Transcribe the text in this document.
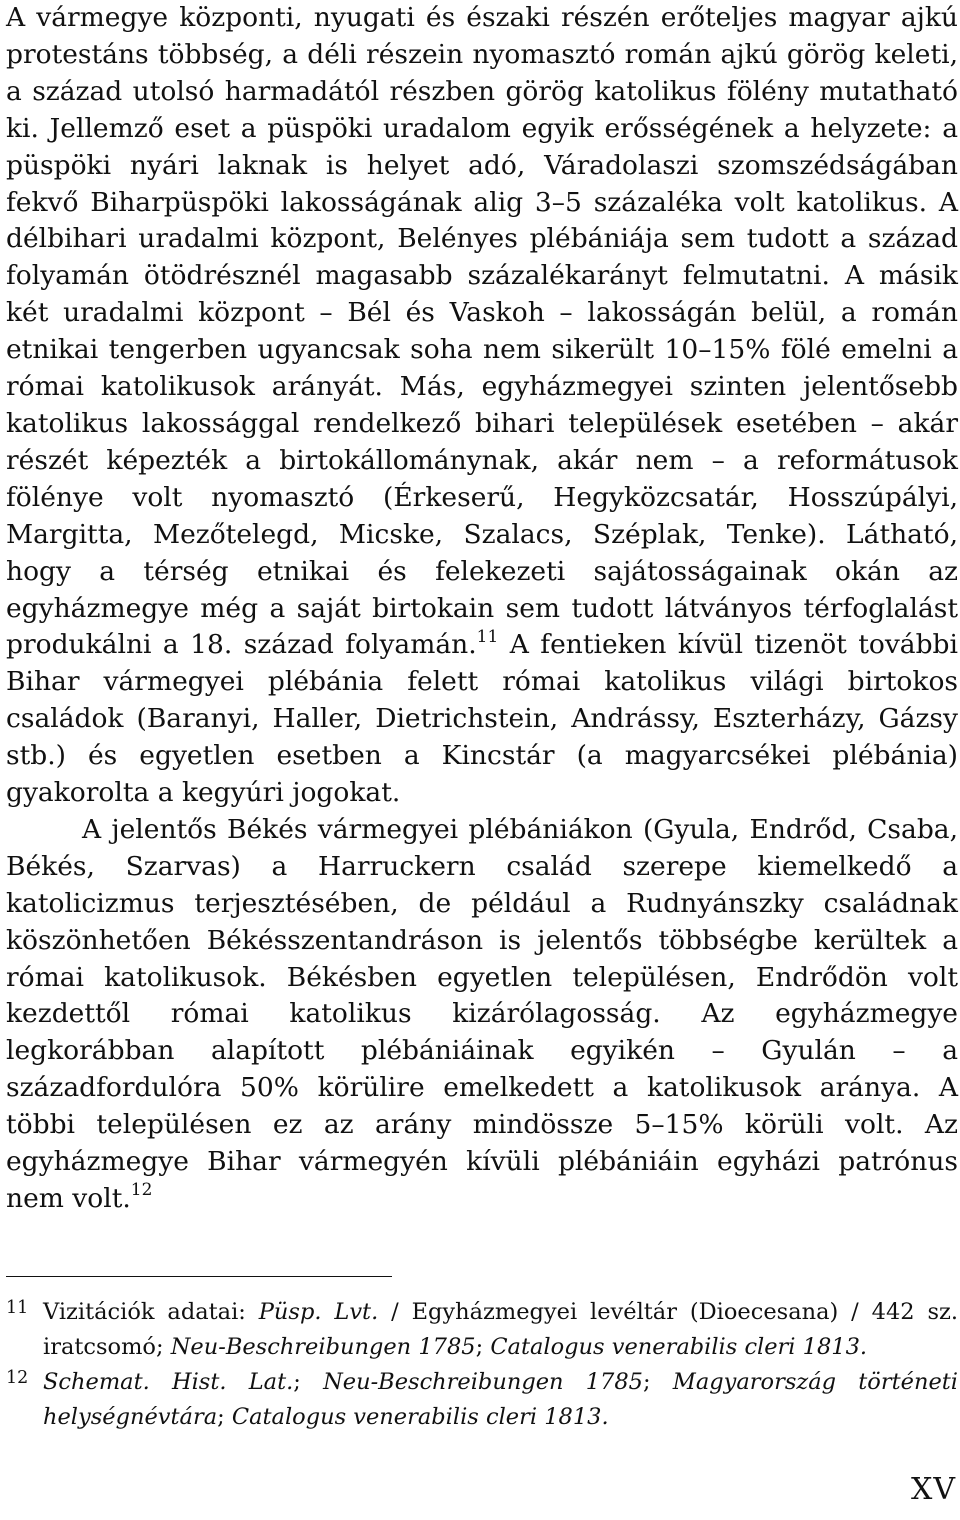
A vármegye központi, nyugati és északi részén erőteljes magyar ajkú protestáns többség, a déli részein nyomasztó román ajkú görög keleti, a század utolsó harmadától részben görög katolikus fölény mutatható ki. Jellemző eset a püspöki uradalom egyik erősségének a helyzete: a püspöki nyári laknak is helyet adó, Váradolaszi szomszédságában fekvő Biharpüspöki lakosságának alig 3–5 százaléka volt katolikus. A délbihari uradalmi központ, Belényes plébániája sem tudott a század folyamán ötödrésznél magasabb százalékarányt felmutatni. A másik két uradalmi központ – Bél és Vaskoh – lakosságán belül, a román etnikai tengerben ugyancsak soha nem sikerült 10–15% fölé emelni a római katolikusok arányát. Más, egyházmegyei szinten jelentősebb katolikus lakossággal rendelkező bihari települések esetében – akár részét képezték a birtokállománynak, akár nem – a reformátusok fölénye volt nyomasztó (Érkeserű, Hegyközcsatár, Hosszúpályi, Margitta, Mezőtelegd, Micske, Szalacs, Széplak, Tenke). Látható, hogy a térség etnikai és felekezeti sajátosságainak okán az egyházmegye még a saját birtokain sem tudott látványos térfoglalást produkálni a 18. század folyamán.$^{11}$ A fentieken kívül tizenöt további Bihar vármegyei plébánia felett római katolikus világi birtokos családok (Baranyi, Haller, Dietrichstein, Andrássy, Eszterházy, Gázsy stb.) és egyetlen esetben a Kincstár (a magyarcsékei plébánia) gyakorolta a kegyúri jogokat.

A jelentős Békés vármegyei plébániákon (Gyula, Endrőd, Csaba, Békés, Szarvas) a Harruckern család szerepe kiemelkedő a katolicizmus terjesztésében, de például a Rudnyánszky családnak köszönhetően Békésszentandráson is jelentős többségbe kerültek a római katolikusok. Békésben egyetlen településen, Endrődön volt kezdettől római katolikus kizárólagosság. Az egyházmegye legkorábban alapított plébániáinak egyikén – Gyulán – a századfordulóra 50% körülire emelkedett a katolikusok aránya. A többi településen ez az arány mindössze 5–15% körüli volt. Az egyházmegye Bihar vármegyén kívüli plébániáin egyházi patrónus nem volt.$^{12}$

11 Vizitációk adatai: Püsp. Lvt. / Egyházmegyei levéltár (Dioecesana) / 442 sz. iratcsomó; Neu-Beschreibungen 1785; Catalogus venerabilis cleri 1813.
12 Schemat. Hist. Lat.; Neu-Beschreibungen 1785; Magyarország történeti helységnévtára; Catalogus venerabilis cleri 1813.
XV
